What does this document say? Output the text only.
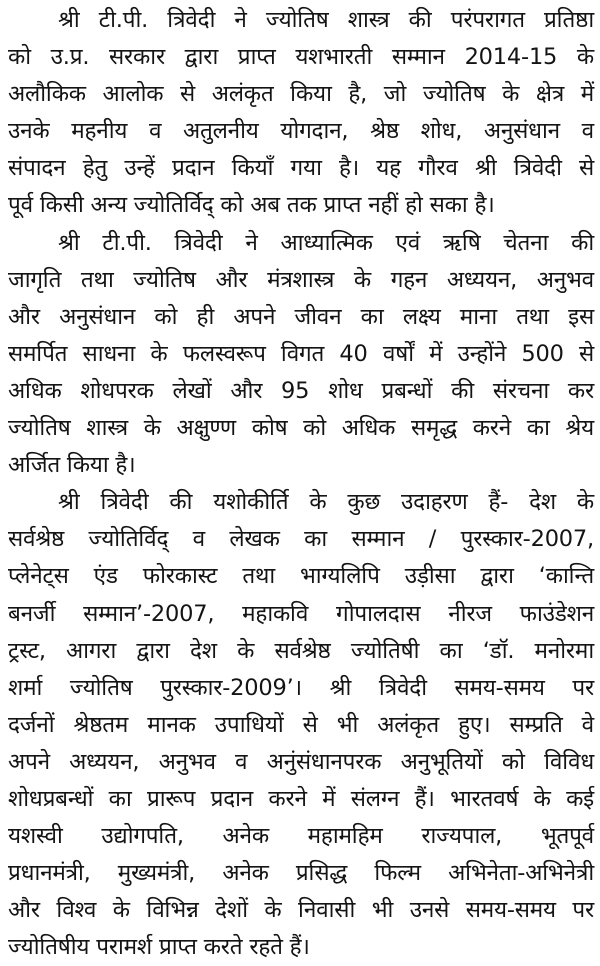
श्री टी.पी. त्रिवेदी ने ज्योतिष शास्त्र की परंपरागत प्रतिष्ठा
को उ.प्र. सरकार द्वारा प्राप्त यशभारती सम्मान 2014-15 के
अलौकिक आलोक से अलंकृत किया है, जो ज्योतिष के क्षेत्र में
उनके महनीय व अतुलनीय योगदान, श्रेष्ठ शोध, अनुसंधान व
संपादन हेतु उन्हें प्रदान कियाँ गया है। यह गौरव श्री त्रिवेदी से
पूर्व किसी अन्य ज्योतिर्विद् को अब तक प्राप्त नहीं हो सका है।
श्री टी.पी. त्रिवेदी ने आध्यात्मिक एवं ऋषि चेतना की
जागृति तथा ज्योतिष और मंत्रशास्त्र के गहन अध्ययन, अनुभव
और अनुसंधान को ही अपने जीवन का लक्ष्य माना तथा इस
समर्पित साधना के फलस्वरूप विगत 40 वर्षों में उन्होंने 500 से
अधिक शोधपरक लेखों और 95 शोध प्रबन्धों की संरचना कर
ज्योतिष शास्त्र के अक्षुण्ण कोष को अधिक समृद्ध करने का श्रेय
अर्जित किया है।
श्री त्रिवेदी की यशोकीर्ति के कुछ उदाहरण हैं- देश के
सर्वश्रेष्ठ ज्योतिर्विद् व लेखक का सम्मान / पुरस्कार-2007,
प्लेनेट्स एंड फोरकास्ट तथा भाग्यलिपि उड़ीसा द्वारा ‘कान्ति
बनर्जी सम्मान’-2007, महाकवि गोपालदास नीरज फाउंडेशन
ट्रस्ट, आगरा द्वारा देश के सर्वश्रेष्ठ ज्योतिषी का ‘डॉ. मनोरमा
शर्मा ज्योतिष पुरस्कार-2009’। श्री त्रिवेदी समय-समय पर
दर्जनों श्रेष्ठतम मानक उपाधियों से भी अलंकृत हुए। सम्प्रति वे
अपने अध्ययन, अनुभव व अनुंसंधानपरक अनुभूतियों को विविध
शोधप्रबन्धों का प्रारूप प्रदान करने में संलग्न हैं। भारतवर्ष के कई
यशस्वी उद्योगपति, अनेक महामहिम राज्यपाल, भूतपूर्व
प्रधानमंत्री, मुख्यमंत्री, अनेक प्रसिद्ध फिल्म अभिनेता-अभिनेत्री
और विश्व के विभिन्न देशों के निवासी भी उनसे समय-समय पर
ज्योतिषीय परामर्श प्राप्त करते रहते हैं।
